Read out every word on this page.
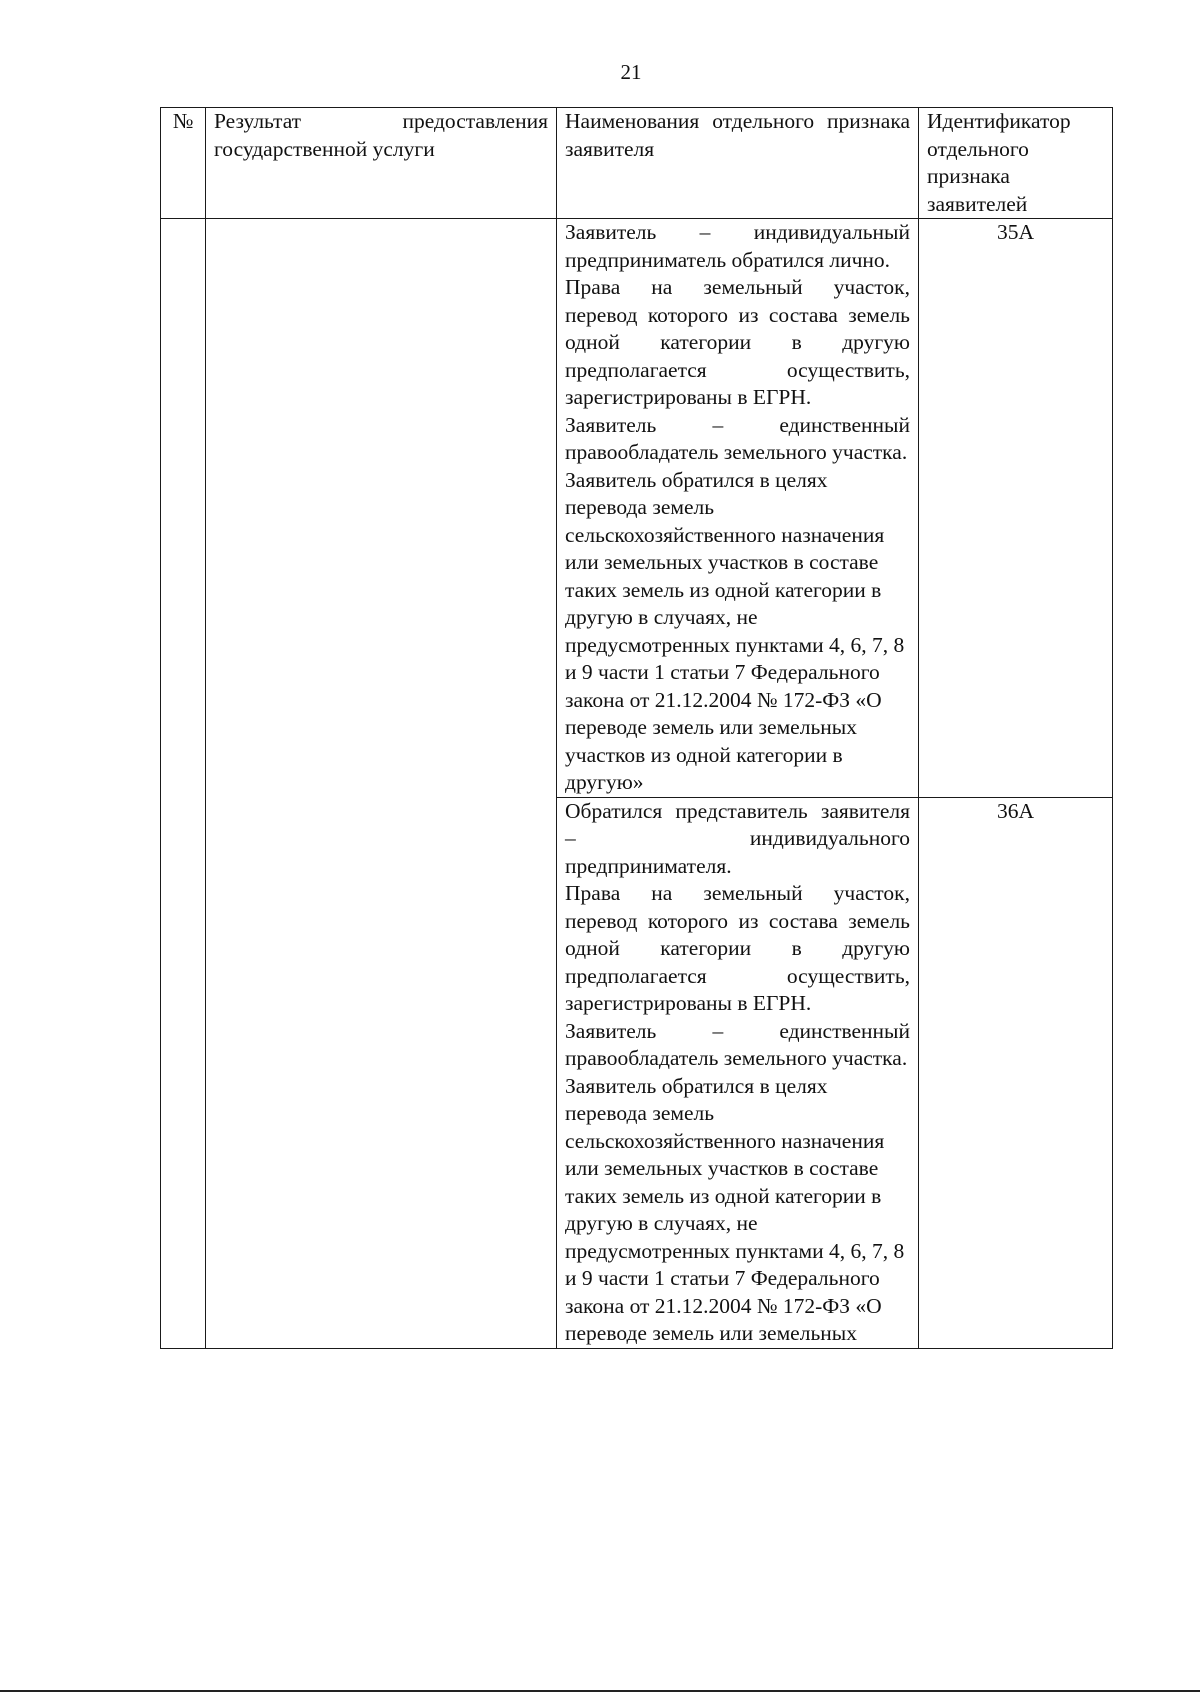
21
№	Результат предоставления государственной услуги	Наименования отдельного признака заявителя	Идентификатор отдельного признака заявителей

		Заявитель – индивидуальный предприниматель обратился лично.
Права на земельный участок, перевод которого из состава земель одной категории в другую предполагается осуществить, зарегистрированы в ЕГРН.
Заявитель – единственный правообладатель земельного участка.
Заявитель обратился в целях перевода земель сельскохозяйственного назначения или земельных участков в составе таких земель из одной категории в другую в случаях, не предусмотренных пунктами 4, 6, 7, 8 и 9 части 1 статьи 7 Федерального закона от 21.12.2004 № 172-ФЗ «О переводе земель или земельных участков из одной категории в другую»	35А

		Обратился представитель заявителя – индивидуального предпринимателя.
Права на земельный участок, перевод которого из состава земель одной категории в другую предполагается осуществить, зарегистрированы в ЕГРН.
Заявитель – единственный правообладатель земельного участка.
Заявитель обратился в целях перевода земель сельскохозяйственного назначения или земельных участков в составе таких земель из одной категории в другую в случаях, не предусмотренных пунктами 4, 6, 7, 8 и 9 части 1 статьи 7 Федерального закона от 21.12.2004 № 172-ФЗ «О переводе земель или земельных	36А
